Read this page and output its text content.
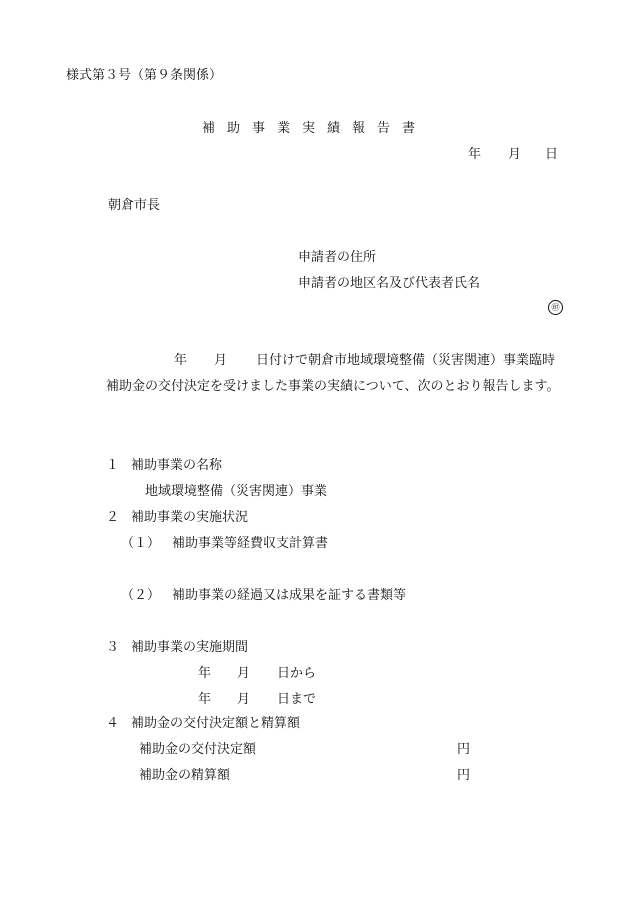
様式第３号（第９条関係）
補助事業実績報告書
年 月 日
朝倉市長
申請者の住所
申請者の地区名及び代表者氏名
㊞
年 月 日付けで朝倉市地域環境整備（災害関連）事業臨時
補助金の交付決定を受けました事業の実績について、次のとおり報告します。
１ 補助事業の名称
地域環境整備（災害関連）事業
２ 補助事業の実施状況
（１） 補助事業等経費収支計算書
（２） 補助事業の経過又は成果を証する書類等
３ 補助事業の実施期間
年 月 日から
年 月 日まで
４ 補助金の交付決定額と精算額
補助金の交付決定額	円
補助金の精算額	円
